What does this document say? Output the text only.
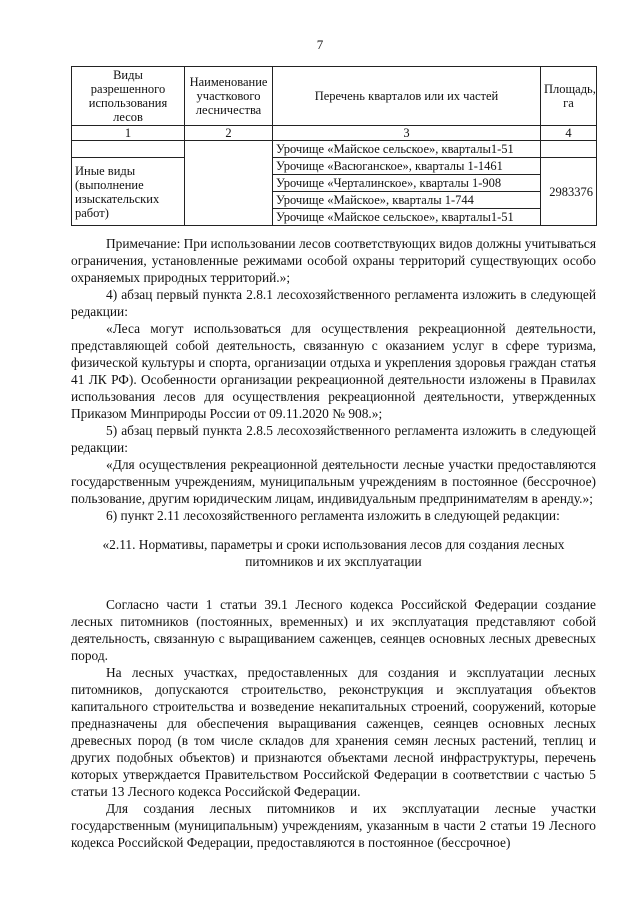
7
Виды разрешенного использования лесов	Наименование участкового лесничества	Перечень кварталов или их частей	Площадь, га
1	2	3	4
		Урочище «Майское сельское», кварталы1-51	
Иные виды (выполнение изыскательских работ)		Урочище «Васюганское», кварталы 1-1461	2983376
		Урочище «Черталинское», кварталы 1-908	
		Урочище «Майское», кварталы 1-744	
		Урочище «Майское сельское», кварталы1-51	

Примечание: При использовании лесов соответствующих видов должны учитываться ограничения, установленные режимами особой охраны территорий существующих особо охраняемых природных территорий.»;

4) абзац первый пункта 2.8.1 лесохозяйственного регламента изложить в следующей редакции:

«Леса могут использоваться для осуществления рекреационной деятельности, представляющей собой деятельность, связанную с оказанием услуг в сфере туризма, физической культуры и спорта, организации отдыха и укрепления здоровья граждан статья 41 ЛК РФ). Особенности организации рекреационной деятельности изложены в Правилах использования лесов для осуществления рекреационной деятельности, утвержденных Приказом Минприроды России от 09.11.2020 № 908.»;

5) абзац первый пункта 2.8.5 лесохозяйственного регламента изложить в следующей редакции:

«Для осуществления рекреационной деятельности лесные участки предоставляются государственным учреждениям, муниципальным учреждениям в постоянное (бессрочное) пользование, другим юридическим лицам, индивидуальным предпринимателям в аренду.»;

6) пункт 2.11 лесохозяйственного регламента изложить в следующей редакции:

«2.11. Нормативы, параметры и сроки использования лесов для создания лесных питомников и их эксплуатации

Согласно части 1 статьи 39.1 Лесного кодекса Российской Федерации создание лесных питомников (постоянных, временных) и их эксплуатация представляют собой деятельность, связанную с выращиванием саженцев, сеянцев основных лесных древесных пород.

На лесных участках, предоставленных для создания и эксплуатации лесных питомников, допускаются строительство, реконструкция и эксплуатация объектов капитального строительства и возведение некапитальных строений, сооружений, которые предназначены для обеспечения выращивания саженцев, сеянцев основных лесных древесных пород (в том числе складов для хранения семян лесных растений, теплиц и других подобных объектов) и признаются объектами лесной инфраструктуры, перечень которых утверждается Правительством Российской Федерации в соответствии с частью 5 статьи 13 Лесного кодекса Российской Федерации.

Для создания лесных питомников и их эксплуатации лесные участки государственным (муниципальным) учреждениям, указанным в части 2 статьи 19 Лесного кодекса Российской Федерации, предоставляются в постоянное (бессрочное)
